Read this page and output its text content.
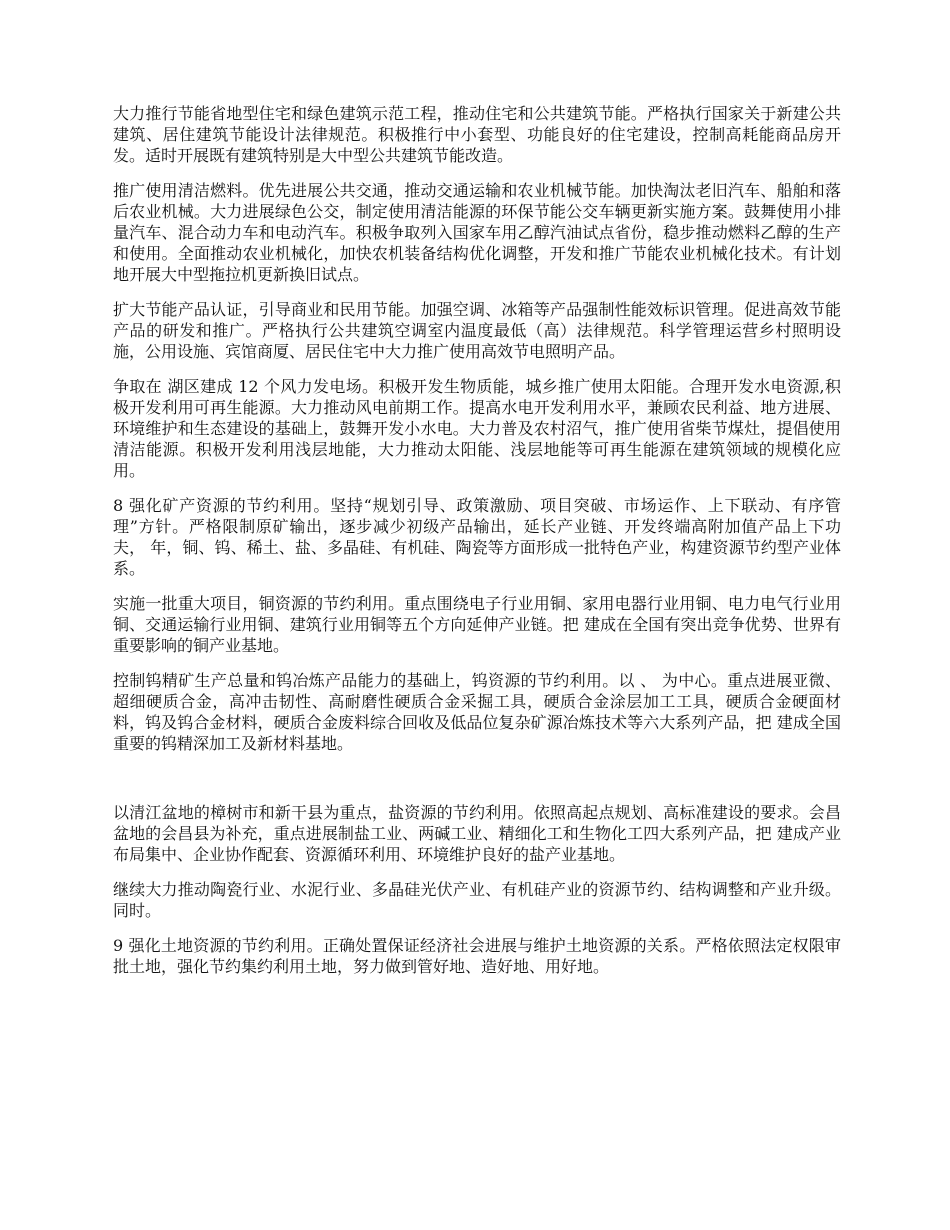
大力推行节能省地型住宅和绿色建筑示范工程，推动住宅和公共建筑节能。严格执行国家关于新建公共建筑、居住建筑节能设计法律规范。积极推行中小套型、功能良好的住宅建设，控制高耗能商品房开发。适时开展既有建筑特别是大中型公共建筑节能改造。

推广使用清洁燃料。优先进展公共交通，推动交通运输和农业机械节能。加快淘汰老旧汽车、船舶和落后农业机械。大力进展绿色公交，制定使用清洁能源的环保节能公交车辆更新实施方案。鼓舞使用小排量汽车、混合动力车和电动汽车。积极争取列入国家车用乙醇汽油试点省份，稳步推动燃料乙醇的生产和使用。全面推动农业机械化，加快农机装备结构优化调整，开发和推广节能农业机械化技术。有计划地开展大中型拖拉机更新换旧试点。

扩大节能产品认证，引导商业和民用节能。加强空调、冰箱等产品强制性能效标识管理。促进高效节能产品的研发和推广。严格执行公共建筑空调室内温度最低（高）法律规范。科学管理运营乡村照明设施，公用设施、宾馆商厦、居民住宅中大力推广使用高效节电照明产品。

争取在 湖区建成 12 个风力发电场。积极开发生物质能，城乡推广使用太阳能。合理开发水电资源,积极开发利用可再生能源。大力推动风电前期工作。提高水电开发利用水平，兼顾农民利益、地方进展、环境维护和生态建设的基础上，鼓舞开发小水电。大力普及农村沼气，推广使用省柴节煤灶，提倡使用清洁能源。积极开发利用浅层地能，大力推动太阳能、浅层地能等可再生能源在建筑领域的规模化应用。

8 强化矿产资源的节约利用。坚持“规划引导、政策激励、项目突破、市场运作、上下联动、有序管理”方针。严格限制原矿输出，逐步减少初级产品输出，延长产业链、开发终端高附加值产品上下功夫， 年，铜、钨、稀土、盐、多晶硅、有机硅、陶瓷等方面形成一批特色产业，构建资源节约型产业体系。

实施一批重大项目，铜资源的节约利用。重点围绕电子行业用铜、家用电器行业用铜、电力电气行业用铜、交通运输行业用铜、建筑行业用铜等五个方向延伸产业链。把 建成在全国有突出竞争优势、世界有重要影响的铜产业基地。

控制钨精矿生产总量和钨冶炼产品能力的基础上，钨资源的节约利用。以 、 为中心。重点进展亚微、超细硬质合金，高冲击韧性、高耐磨性硬质合金采掘工具，硬质合金涂层加工工具，硬质合金硬面材料，钨及钨合金材料，硬质合金废料综合回收及低品位复杂矿源冶炼技术等六大系列产品，把 建成全国重要的钨精深加工及新材料基地。

以清江盆地的樟树市和新干县为重点，盐资源的节约利用。依照高起点规划、高标准建设的要求。会昌盆地的会昌县为补充，重点进展制盐工业、两碱工业、精细化工和生物化工四大系列产品，把 建成产业布局集中、企业协作配套、资源循环利用、环境维护良好的盐产业基地。

继续大力推动陶瓷行业、水泥行业、多晶硅光伏产业、有机硅产业的资源节约、结构调整和产业升级。同时。

9 强化土地资源的节约利用。正确处置保证经济社会进展与维护土地资源的关系。严格依照法定权限审批土地，强化节约集约利用土地，努力做到管好地、造好地、用好地。
